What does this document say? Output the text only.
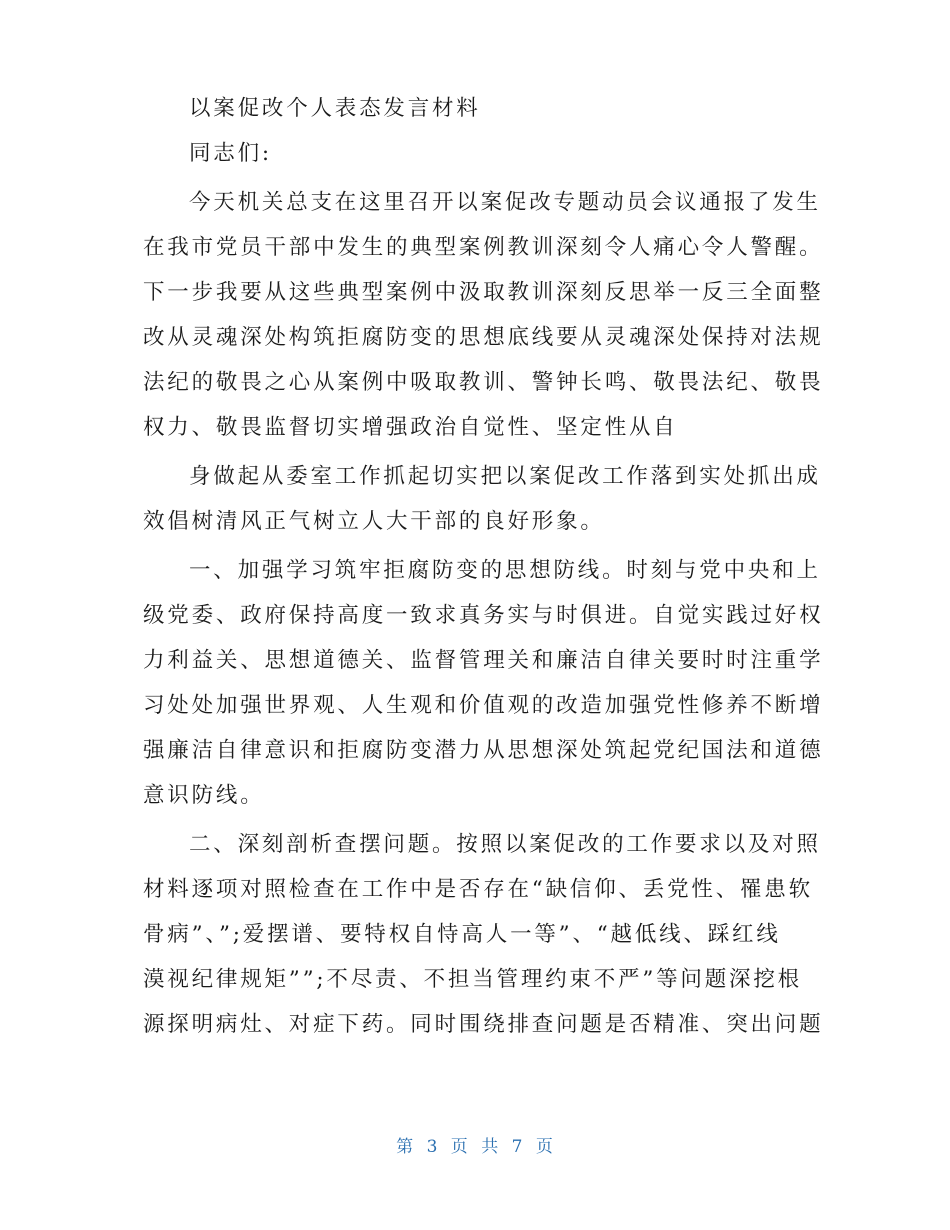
以案促改个人表态发言材料
同志们:
今天机关总支在这里召开以案促改专题动员会议通报了发生
在我市党员干部中发生的典型案例教训深刻令人痛心令人警醒。
下一步我要从这些典型案例中汲取教训深刻反思举一反三全面整
改从灵魂深处构筑拒腐防变的思想底线要从灵魂深处保持对法规
法纪的敬畏之心从案例中吸取教训、警钟长鸣、敬畏法纪、敬畏
权力、敬畏监督切实增强政治自觉性、坚定性从自
身做起从委室工作抓起切实把以案促改工作落到实处抓出成
效倡树清风正气树立人大干部的良好形象。
一、加强学习筑牢拒腐防变的思想防线。时刻与党中央和上
级党委、政府保持高度一致求真务实与时俱进。自觉实践过好权
力利益关、思想道德关、监督管理关和廉洁自律关要时时注重学
习处处加强世界观、人生观和价值观的改造加强党性修养不断增
强廉洁自律意识和拒腐防变潜力从思想深处筑起党纪国法和道德
意识防线。
二、深刻剖析查摆问题。按照以案促改的工作要求以及对照
材料逐项对照检查在工作中是否存在“缺信仰、丢党性、罹患软
骨病”、”;爱摆谱、要特权自恃高人一等”、“越低线、踩红线
漠视纪律规矩””;不尽责、不担当管理约束不严”等问题深挖根
源探明病灶、对症下药。同时围绕排查问题是否精准、突出问题
第 3 页 共 7 页
